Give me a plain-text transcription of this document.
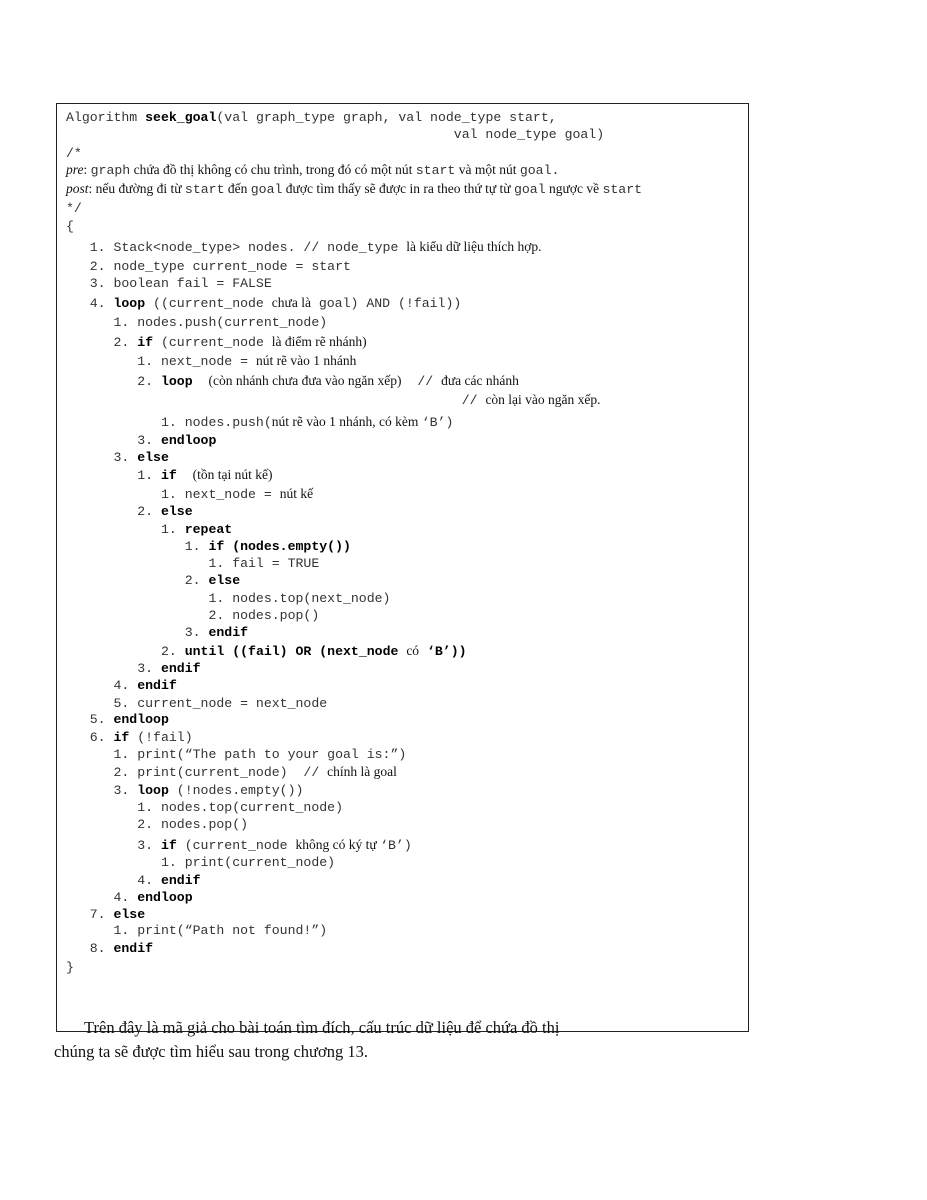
Algorithm seek_goal(val graph_type graph, val node_type start,
val node_type goal)
/*
pre: graph chứa đồ thị không có chu trình, trong đó có một nút start và một nút goal.
post: nếu đường đi từ start đến goal được tìm thấy sẽ được in ra theo thứ tự từ goal ngược về start
*/
{
1. Stack<node_type> nodes. // node_type là kiểu dữ liệu thích hợp.
2. node_type current_node = start
3. boolean fail = FALSE
4. loop ((current_node chưa là goal) AND (!fail))
1. nodes.push(current_node)
2. if (current_node là điểm rẽ nhánh)
1. next_node = nút rẽ vào 1 nhánh
2. loop (còn nhánh chưa đưa vào ngăn xếp)  // đưa các nhánh
// còn lại vào ngăn xếp.
1. nodes.push(nút rẽ vào 1 nhánh, có kèm ‘B’)
3. endloop
3. else
1. if (tồn tại nút kế)
1. next_node = nút kế
2. else
1. repeat
1. if (nodes.empty())
1. fail = TRUE
2. else
1. nodes.top(next_node)
2. nodes.pop()
3. endif
2. until ((fail) OR (next_node có ‘B’))
3. endif
4. endif
5. current_node = next_node
5. endloop
6. if (!fail)
1. print(“The path to your goal is:”)
2. print(current_node)  // chính là goal
3. loop (!nodes.empty())
1. nodes.top(current_node)
2. nodes.pop()
3. if (current_node không có ký tự ‘B’)
1. print(current_node)
4. endif
4. endloop
7. else
1. print(“Path not found!”)
8. endif
}
Trên đây là mã giả cho bài toán tìm đích, cấu trúc dữ liệu để chứa đồ thị
chúng ta sẽ được tìm hiểu sau trong chương 13.
